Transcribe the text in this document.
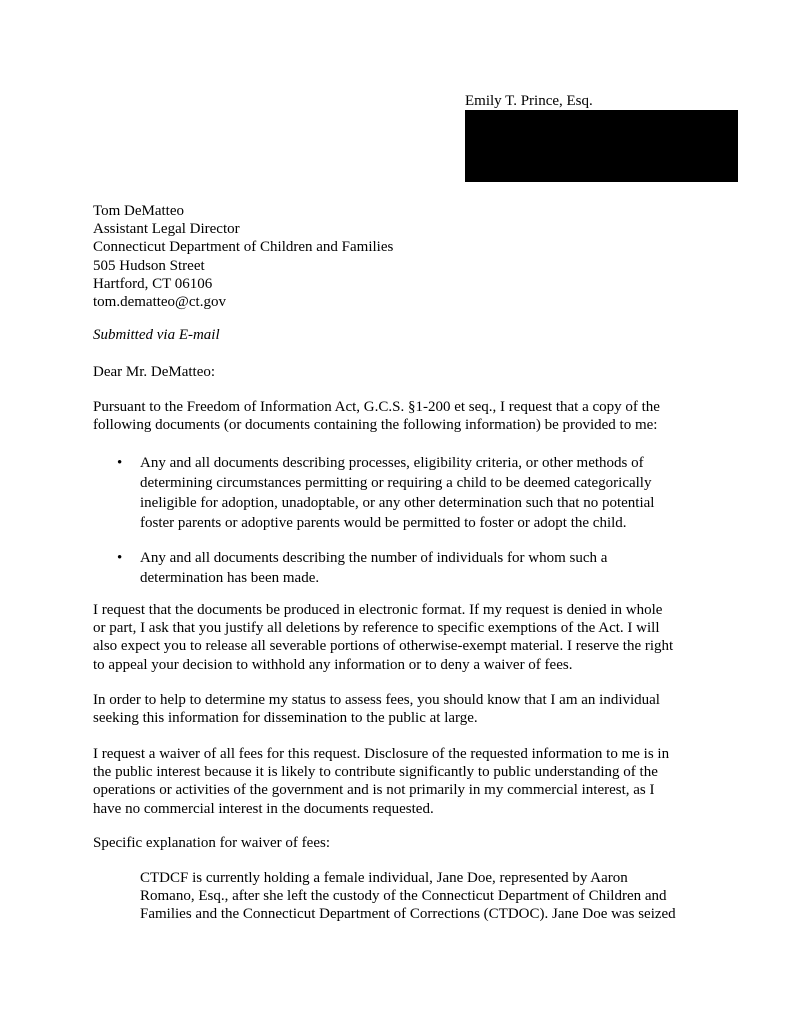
Emily T. Prince, Esq.
Tom DeMatteo
Assistant Legal Director
Connecticut Department of Children and Families
505 Hudson Street
Hartford, CT 06106
tom.dematteo@ct.gov
Submitted via E-mail
Dear Mr. DeMatteo:
Pursuant to the Freedom of Information Act, G.C.S. §1-200 et seq., I request that a copy of the
following documents (or documents containing the following information) be provided to me:
• Any and all documents describing processes, eligibility criteria, or other methods of
determining circumstances permitting or requiring a child to be deemed categorically
ineligible for adoption, unadoptable, or any other determination such that no potential
foster parents or adoptive parents would be permitted to foster or adopt the child.
• Any and all documents describing the number of individuals for whom such a
determination has been made.
I request that the documents be produced in electronic format. If my request is denied in whole
or part, I ask that you justify all deletions by reference to specific exemptions of the Act. I will
also expect you to release all severable portions of otherwise-exempt material. I reserve the right
to appeal your decision to withhold any information or to deny a waiver of fees.
In order to help to determine my status to assess fees, you should know that I am an individual
seeking this information for dissemination to the public at large.
I request a waiver of all fees for this request. Disclosure of the requested information to me is in
the public interest because it is likely to contribute significantly to public understanding of the
operations or activities of the government and is not primarily in my commercial interest, as I
have no commercial interest in the documents requested.
Specific explanation for waiver of fees:
CTDCF is currently holding a female individual, Jane Doe, represented by Aaron
Romano, Esq., after she left the custody of the Connecticut Department of Children and
Families and the Connecticut Department of Corrections (CTDOC). Jane Doe was seized
